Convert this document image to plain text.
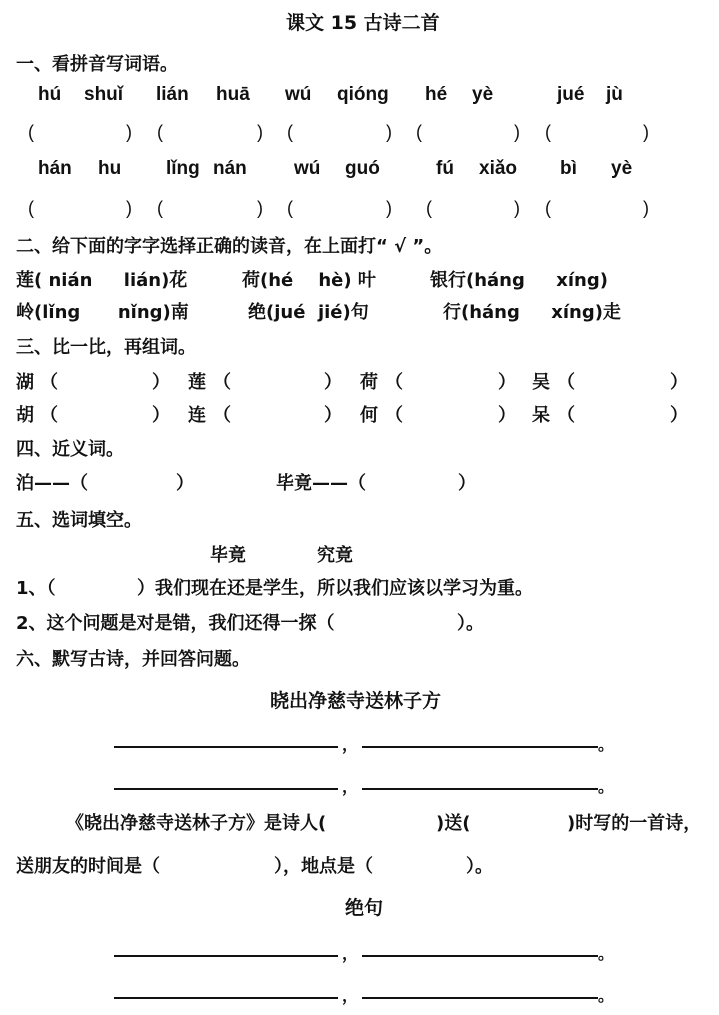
课文 15 古诗二首
一、看拼音写词语。
hú shuǐ lián huā wú qióng hé yè	jué jù
(	) (	) (	) (	) (	)
hán hu lǐng nán wú guó	fú xiǎo bì yè
(	) (	) (	) (	) (	)
二、给下面的字字选择正确的读音，在上面打“ √ ”。
莲( nián     lián)花	荷(hé    hè) 叶	银行(háng     xíng)
岭(lǐng      nǐng)南	绝(jué  jié)句	行(háng     xíng)走
三、比一比，再组词。
湖 （	） 莲 （	） 荷 （	） 吴 （	）
胡 （	） 连 （	） 何 （	） 呆 （	）
四、近义词。
泊——（	）	毕竟——（	）
五、选词填空。
毕竟	究竟
1、（	）我们现在还是学生，所以我们应该以学习为重。
2、这个问题是对是错，我们还得一探（	）。
六、默写古诗，并回答问题。
晓出净慈寺送林子方
，	。
，	。
《晓出净慈寺送林子方》是诗人(	)送(	)时写的一首诗，
送朋友的时间是（	），地点是（	）。
绝句
，	。
，	。
